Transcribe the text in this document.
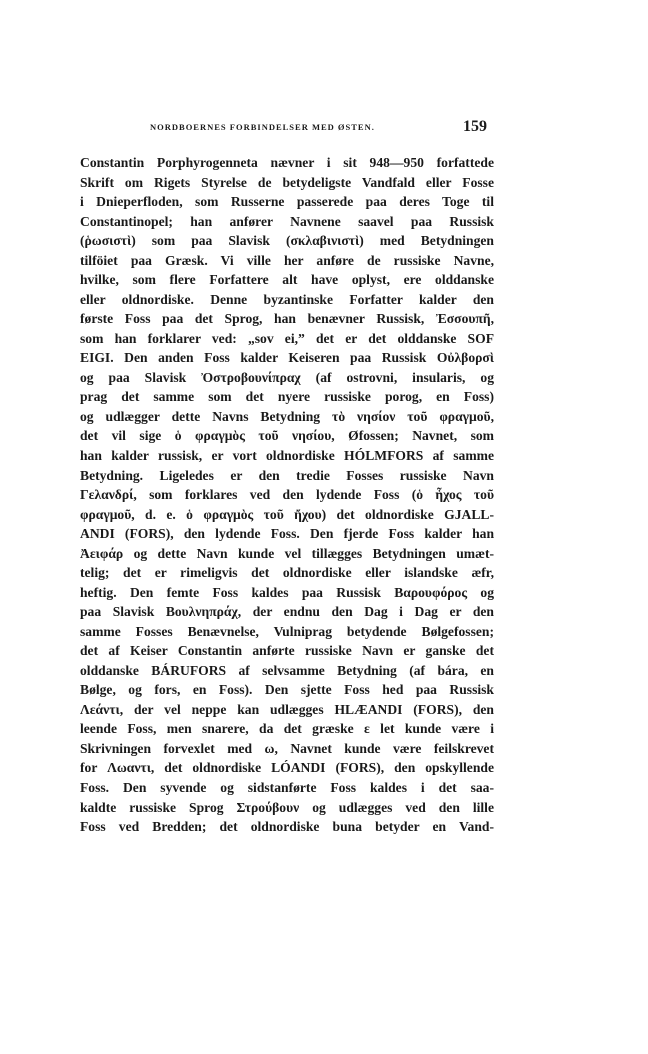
NORDBOERNES FORBINDELSER MED ØSTEN.	159
Constantin Porphyrogenneta nævner i sit 948—950 forfattede
Skrift om Rigets Styrelse de betydeligste Vandfald eller Fosse
i Dnieperfloden, som Russerne passerede paa deres Toge til
Constantinopel; han anfører Navnene saavel paa Russisk
(ῥωσιστὶ) som paa Slavisk (σκλαβινιστὶ) med Betydningen
tilföiet paa Græsk. Vi ville her anføre de russiske Navne,
hvilke, som flere Forfattere alt have oplyst, ere olddanske
eller oldnordiske. Denne byzantinske Forfatter kalder den
første Foss paa det Sprog, han benævner Russisk, Ἐσσουπῆ,
som han forklarer ved: „sov ei,” det er det olddanske SOF
EIGI. Den anden Foss kalder Keiseren paa Russisk Οὐλβορσὶ
og paa Slavisk Ὀστροβουνίπραχ (af ostrovni, insularis, og
prag det samme som det nyere russiske porog, en Foss)
og udlægger dette Navns Betydning τὸ νησίον τοῦ φραγμοῦ,
det vil sige ὁ φραγμὸς τοῦ νησίου, Øfossen; Navnet, som
han kalder russisk, er vort oldnordiske HÓLMFORS af samme
Betydning. Ligeledes er den tredie Fosses russiske Navn
Γελανδρί, som forklares ved den lydende Foss (ὁ ἦχος τοῦ
φραγμοῦ, d. e. ὁ φραγμὸς τοῦ ἤχου) det oldnordiske GJALL-
ANDI (FORS), den lydende Foss. Den fjerde Foss kalder han
Ἀειφάρ og dette Navn kunde vel tillægges Betydningen umæt-
telig; det er rimeligvis det oldnordiske eller islandske æfr,
heftig. Den femte Foss kaldes paa Russisk Βαρουφόρος og
paa Slavisk Βουλνηπράχ, der endnu den Dag i Dag er den
samme Fosses Benævnelse, Vulniprag betydende Bølgefossen;
det af Keiser Constantin anførte russiske Navn er ganske det
olddanske BÁRUFORS af selvsamme Betydning (af bára, en
Bølge, og fors, en Foss). Den sjette Foss hed paa Russisk
Λεάντι, der vel neppe kan udlægges HLÆANDI (FORS), den
leende Foss, men snarere, da det græske ε let kunde være i
Skrivningen forvexlet med ω, Navnet kunde være feilskrevet
for Λωαντι, det oldnordiske LÓANDI (FORS), den opskyllende
Foss. Den syvende og sidstanførte Foss kaldes i det saa-
kaldte russiske Sprog Στρούβουν og udlægges ved den lille
Foss ved Bredden; det oldnordiske buna betyder en Vand-
